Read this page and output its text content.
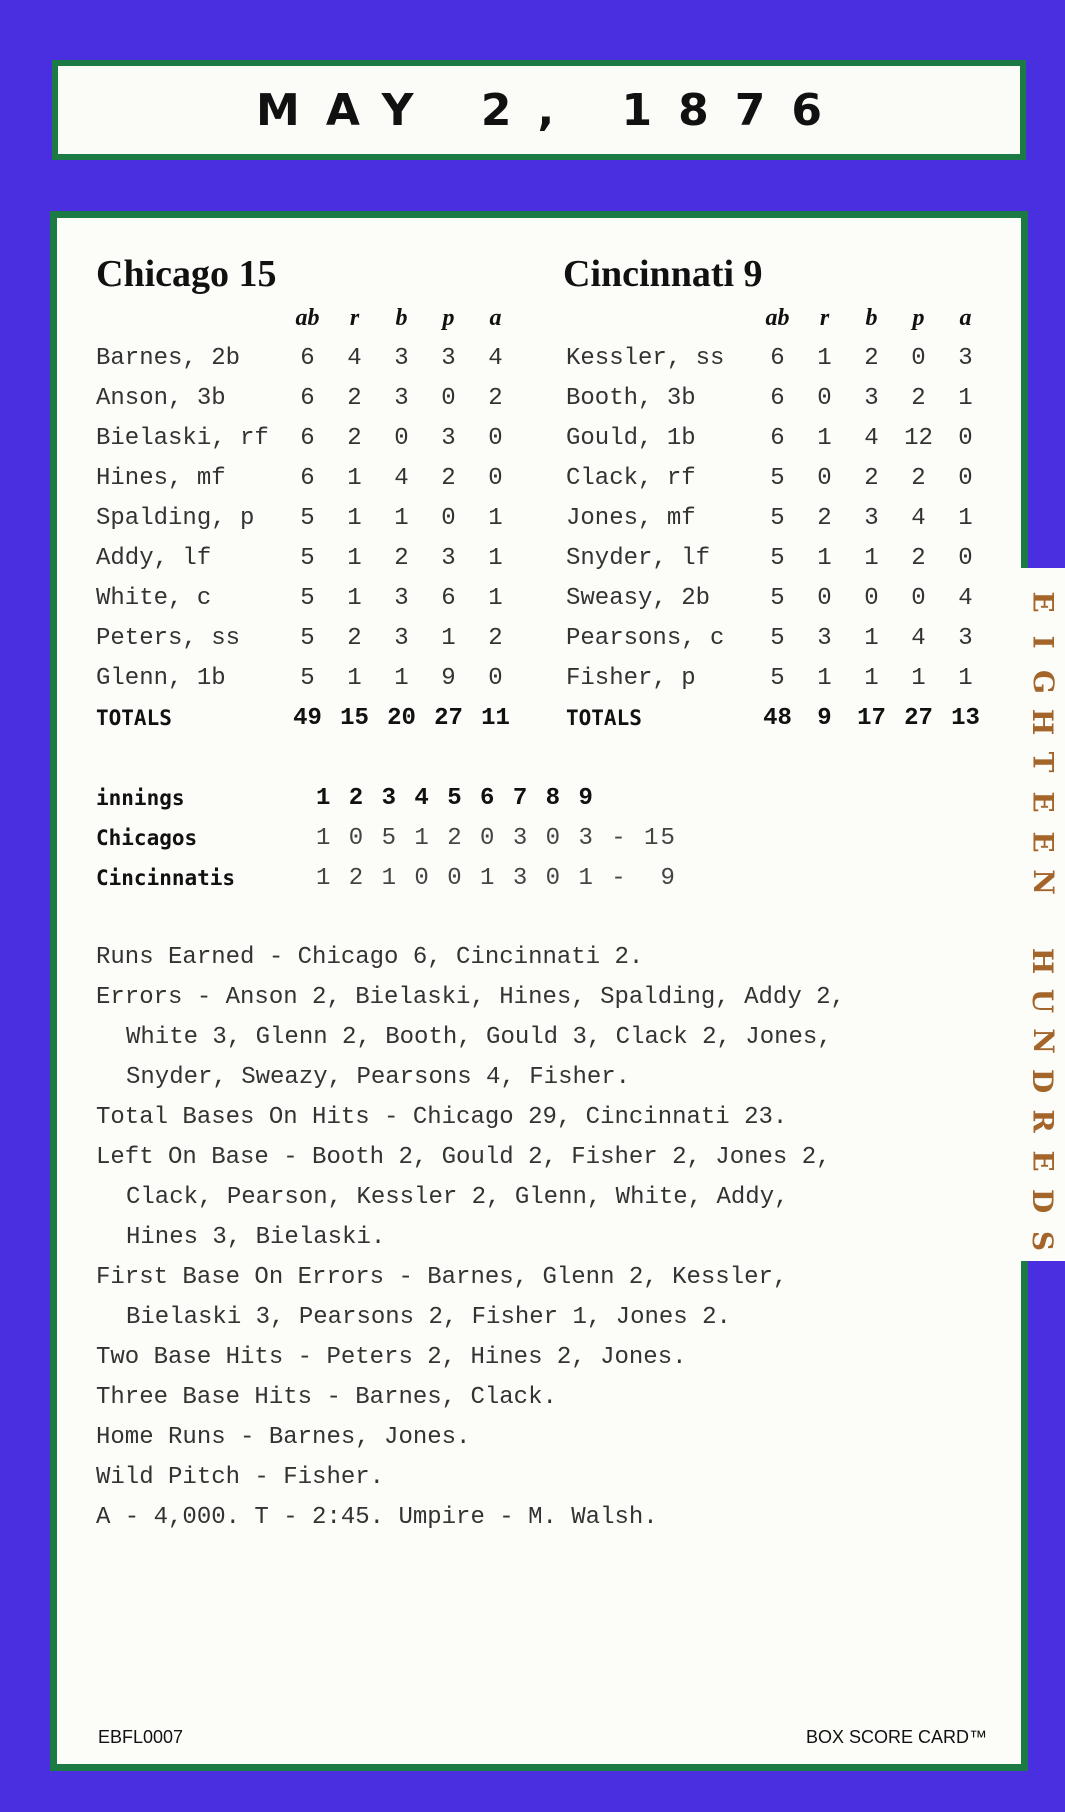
MAY 2, 1876
E
I
G
H
T
E
E
N
H
U
N
D
R
E
D
S
Chicago 15	Cincinnati 9
	ab	r	b	p	a
Barnes, 2b	6	4	3	3	4
Anson, 3b	6	2	3	0	2
Bielaski, rf	6	2	0	3	0
Hines, mf	6	1	4	2	0
Spalding, p	5	1	1	0	1
Addy, lf	5	1	2	3	1
White, c	5	1	3	6	1
Peters, ss	5	2	3	1	2
Glenn, 1b	5	1	1	9	0
TOTALS	49	15	20	27	11
	ab	r	b	p	a
Kessler, ss	6	1	2	0	3
Booth, 3b	6	0	3	2	1
Gould, 1b	6	1	4	12	0
Clack, rf	5	0	2	2	0
Jones, mf	5	2	3	4	1
Snyder, lf	5	1	1	2	0
Sweasy, 2b	5	0	0	0	4
Pearsons, c	5	3	1	4	3
Fisher, p	5	1	1	1	1
TOTALS	48	9	17	27	13
innings	1 2 3 4 5 6 7 8 9
Chicagos	1 0 5 1 2 0 3 0 3 - 15
Cincinnatis	1 2 1 0 0 1 3 0 1 -  9
Runs Earned - Chicago 6, Cincinnati 2.
Errors - Anson 2, Bielaski, Hines, Spalding, Addy 2,
White 3, Glenn 2, Booth, Gould 3, Clack 2, Jones,
Snyder, Sweazy, Pearsons 4, Fisher.
Total Bases On Hits - Chicago 29, Cincinnati 23.
Left On Base - Booth 2, Gould 2, Fisher 2, Jones 2,
Clack, Pearson, Kessler 2, Glenn, White, Addy,
Hines 3, Bielaski.
First Base On Errors - Barnes, Glenn 2, Kessler,
Bielaski 3, Pearsons 2, Fisher 1, Jones 2.
Two Base Hits - Peters 2, Hines 2, Jones.
Three Base Hits - Barnes, Clack.
Home Runs - Barnes, Jones.
Wild Pitch - Fisher.
A - 4,000. T - 2:45. Umpire - M. Walsh.
EBFL0007	BOX SCORE CARD™
